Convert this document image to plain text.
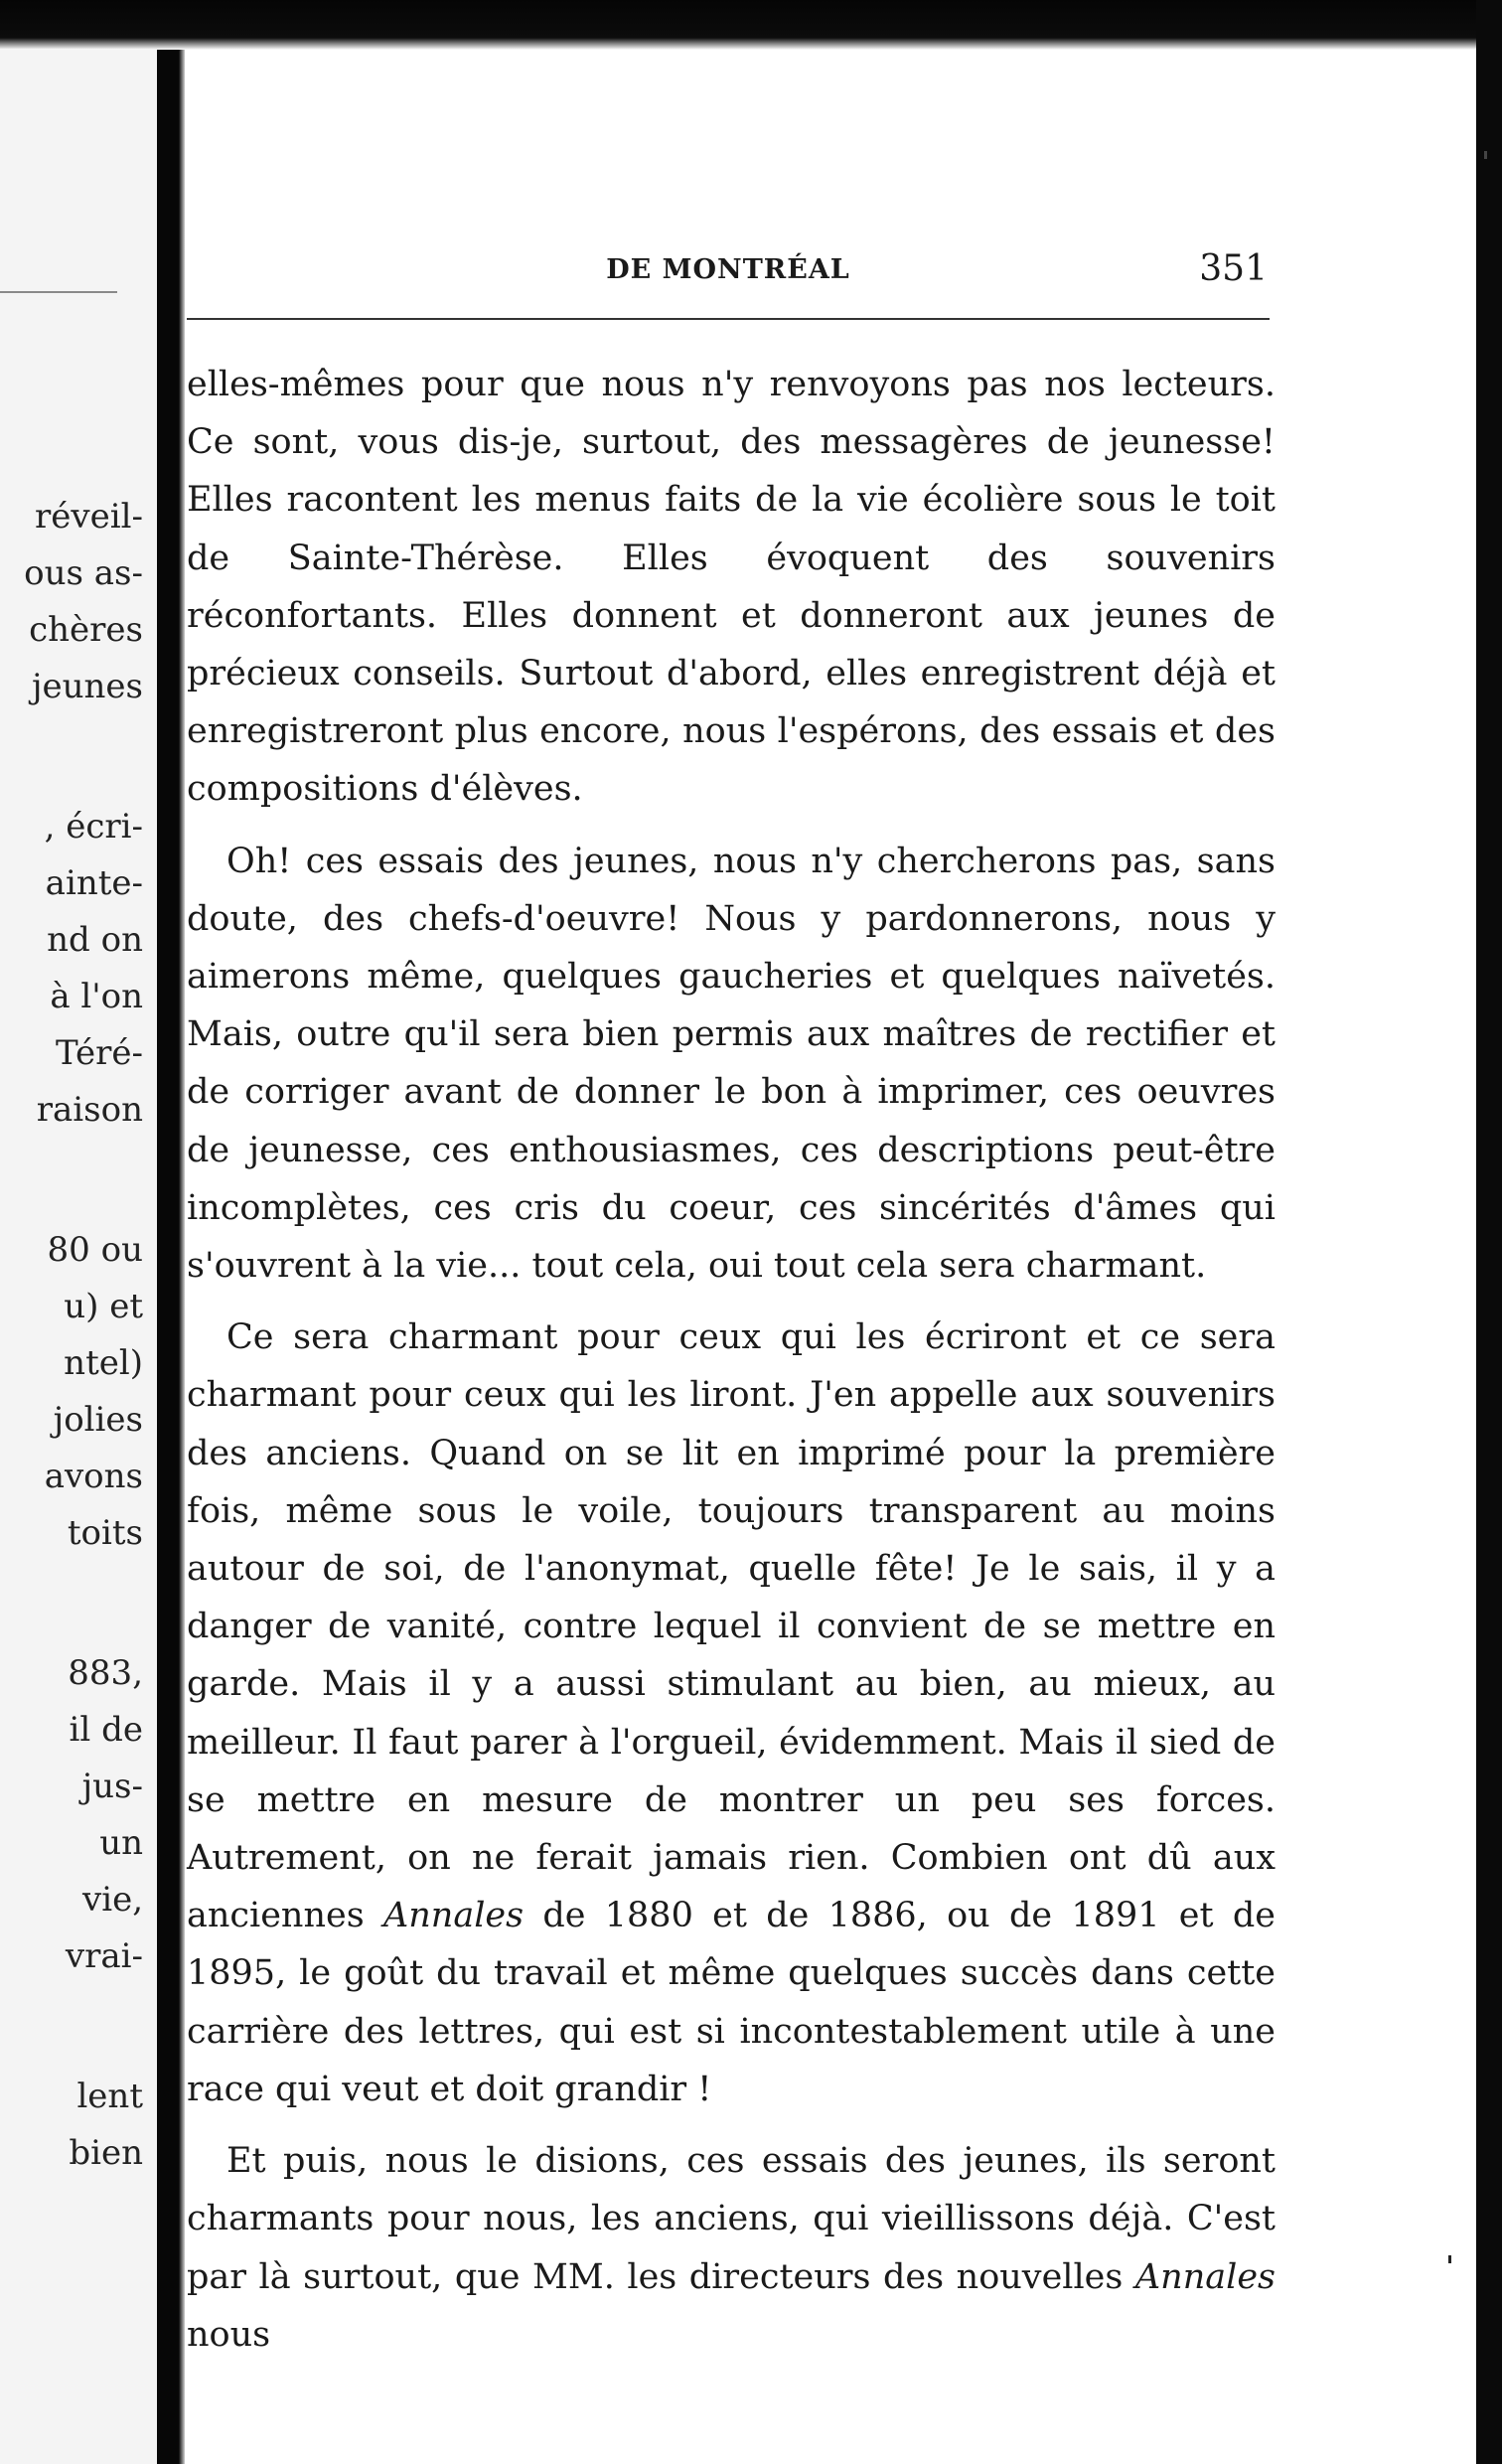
réveil-
ous as-
chères
jeunes
, écri-
ainte-
nd on
à l'on
Téré-
raison
80 ou
u) et
ntel)
jolies
avons
toits
883,
il de
jus-
un
vie,
vrai-
lent
bien
DE MONTRÉAL	351

elles-mêmes pour que nous n'y renvoyons pas nos lecteurs. Ce sont, vous dis-je, surtout, des messagères de jeunesse! Elles racontent les menus faits de la vie écolière sous le toit de Sainte-Thérèse. Elles évoquent des souvenirs réconfortants. Elles donnent et donneront aux jeunes de précieux conseils. Surtout d'abord, elles enregistrent déjà et enregistreront plus encore, nous l'espérons, des essais et des compositions d'élèves.

Oh! ces essais des jeunes, nous n'y chercherons pas, sans doute, des chefs-d'oeuvre! Nous y pardonnerons, nous y aimerons même, quelques gaucheries et quelques naïvetés. Mais, outre qu'il sera bien permis aux maîtres de rectifier et de corriger avant de donner le bon à imprimer, ces oeuvres de jeunesse, ces enthousiasmes, ces descriptions peut-être incomplètes, ces cris du coeur, ces sincérités d'âmes qui s'ouvrent à la vie... tout cela, oui tout cela sera charmant.

Ce sera charmant pour ceux qui les écriront et ce sera charmant pour ceux qui les liront. J'en appelle aux souvenirs des anciens. Quand on se lit en imprimé pour la première fois, même sous le voile, toujours transparent au moins autour de soi, de l'anonymat, quelle fête! Je le sais, il y a danger de vanité, contre lequel il convient de se mettre en garde. Mais il y a aussi stimulant au bien, au mieux, au meilleur. Il faut parer à l'orgueil, évidemment. Mais il sied de se mettre en mesure de montrer un peu ses forces. Autrement, on ne ferait jamais rien. Combien ont dû aux anciennes Annales de 1880 et de 1886, ou de 1891 et de 1895, le goût du travail et même quelques succès dans cette carrière des lettres, qui est si incontestablement utile à une race qui veut et doit grandir !

Et puis, nous le disions, ces essais des jeunes, ils seront charmants pour nous, les anciens, qui vieillissons déjà. C'est par là surtout, que MM. les directeurs des nouvelles Annales nous
